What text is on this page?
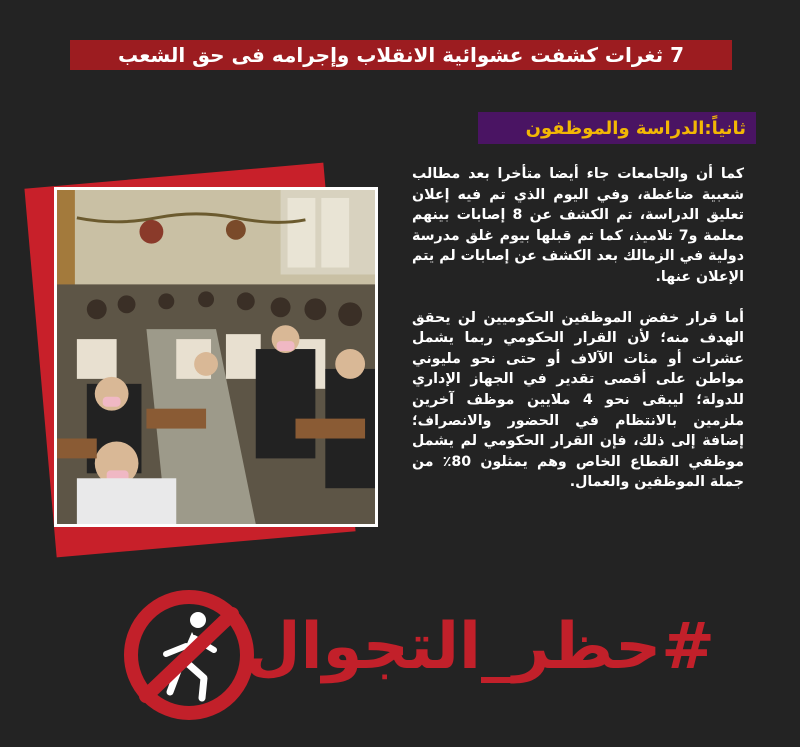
7 ثغرات كشفت عشوائية الانقلاب وإجرامه فى حق الشعب
ثانياً:الدراسة والموظفون

كما أن والجامعات جاء أيضا متأخرا بعد مطالب شعبية ضاغطة، وفي اليوم الذي تم فيه إعلان تعليق الدراسة، تم الكشف عن 8 إصابات بينهم معلمة و7 تلاميذ، كما تم قبلها بيوم غلق مدرسة دولية في الزمالك بعد الكشف عن إصابات لم يتم الإعلان عنها.

أما قرار خفض الموظفين الحكوميين لن يحقق الهدف منه؛ لأن القرار الحكومي ربما يشمل عشرات أو مئات الآلاف أو حتى نحو مليوني مواطن على أقصى تقدير في الجهاز الإداري للدولة؛ ليبقى نحو 4 ملايين موظف آخرين ملزمين بالانتظام في الحضور والانصراف؛ إضافة إلى ذلك، فإن القرار الحكومي لم يشمل موظفي القطاع الخاص وهم يمثلون 80٪ من جملة الموظفين والعمال.

#حظر_التجوال
